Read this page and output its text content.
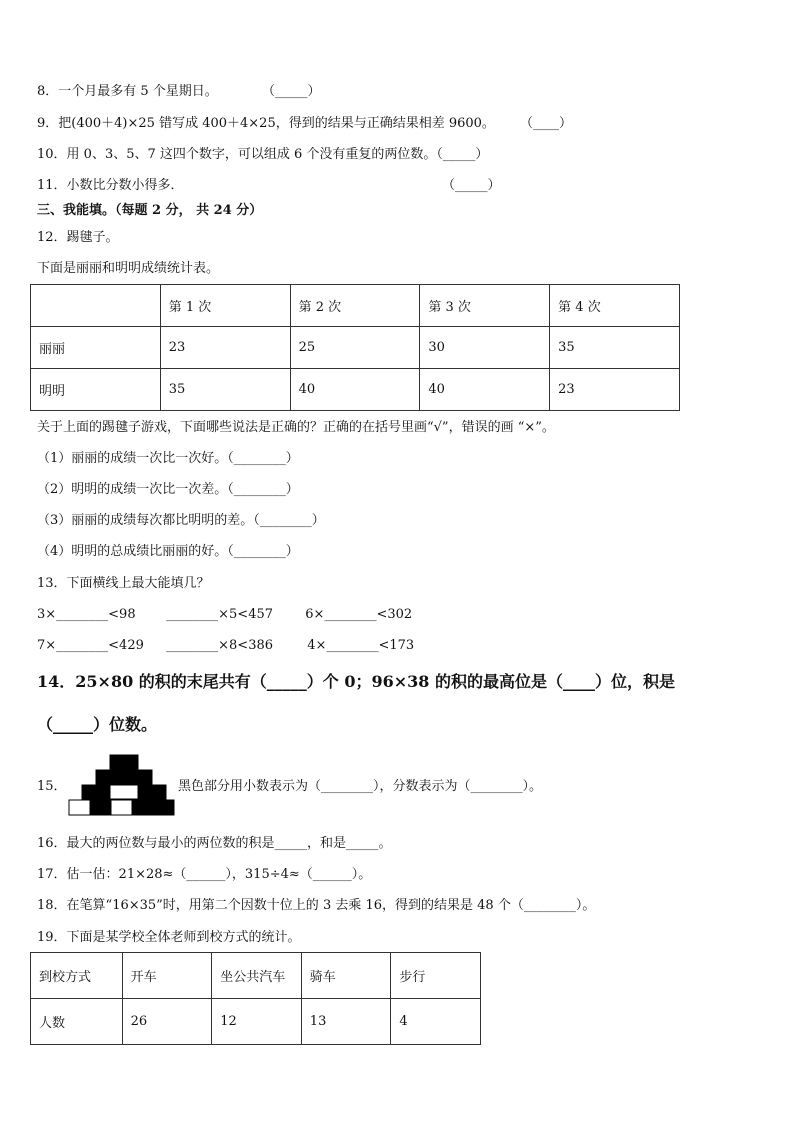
8．一个月最多有 5 个星期日。	（_____）
9．把(400＋4)×25 错写成 400＋4×25，得到的结果与正确结果相差 9600。 （____）
10．用 0、3、5、7 这四个数字，可以组成 6 个没有重复的两位数。（_____）
11．小数比分数小得多．	（_____）
三、我能填。（每题 2 分， 共 24 分）
12．踢毽子。
下面是丽丽和明明成绩统计表。
	第 1 次	第 2 次	第 3 次	第 4 次
丽丽	23	25	30	35
明明	35	40	40	23
关于上面的踢毽子游戏，下面哪些说法是正确的？正确的在括号里画“√”，错误的画 “×”。
（1）丽丽的成绩一次比一次好。（________）
（2）明明的成绩一次比一次差。（________）
（3）丽丽的成绩每次都比明明的差。（________）
（4）明明的总成绩比丽丽的好。（________）
13．下面横线上最大能填几？
3×________<98 ________×5<457 6×________<302
7×________<429 ________×8<386	4×________<173
14．25×80 的积的末尾共有（_____）个 0；96×38 的积的最高位是（____）位，积是
（_____）位数。
15．	黑色部分用小数表示为（________），分数表示为（________）。
16．最大的两位数与最小的两位数的积是_____，和是_____。
17．估一估：21×28≈（______），315÷4≈（______）。
18．在笔算“16×35”时，用第二个因数十位上的 3 去乘 16，得到的结果是 48 个（________）。
19．下面是某学校全体老师到校方式的统计。
到校方式	开车	坐公共汽车	骑车	步行
人数	26	12	13	4
